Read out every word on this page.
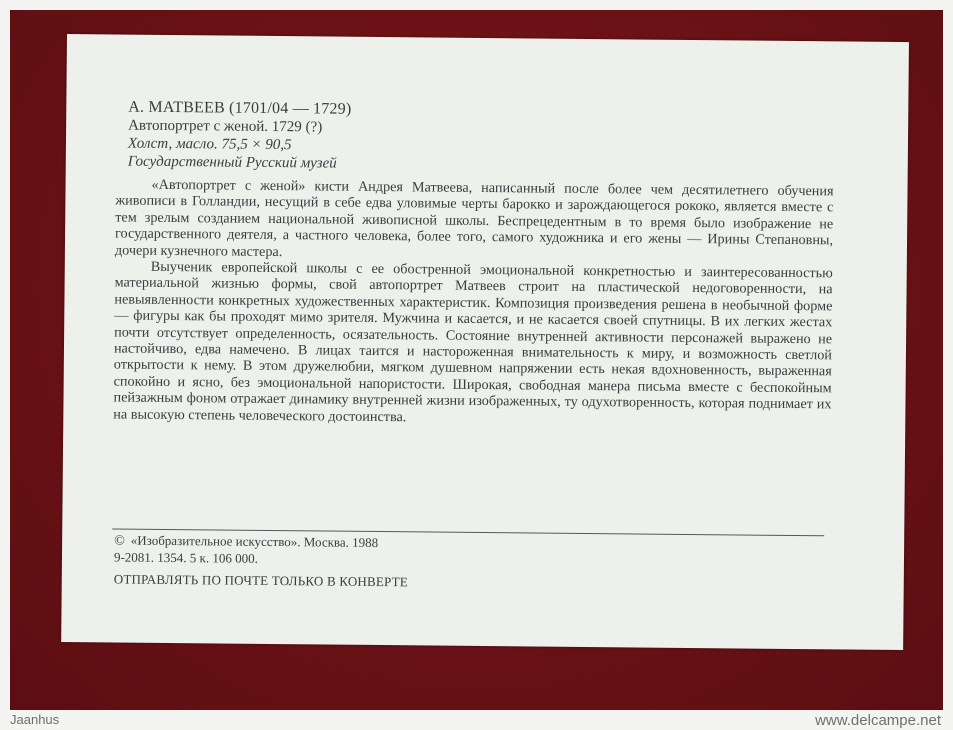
А. МАТВЕЕВ (1701/04 — 1729)
Автопортрет с женой. 1729 (?)
Холст, масло. 75,5 × 90,5
Государственный Русский музей

«Автопортрет с женой» кисти Андрея Матвеева, написанный после более чем десятилетнего обучения живописи в Голландии, несущий в себе едва уловимые черты барокко и зарождающегося рококо, является вместе с тем зрелым созданием национальной живописной школы. Беспрецедентным в то время было изображение не государственного деятеля, а частного человека, более того, самого художника и его жены — Ирины Степановны, дочери кузнечного мастера.

Выученик европейской школы с ее обостренной эмоциональной конкретностью и заинтересованностью материальной жизнью формы, свой автопортрет Матвеев строит на пластической недоговоренности, на невыявленности конкретных художественных характеристик. Композиция произведения решена в необычной форме — фигуры как бы проходят мимо зрителя. Мужчина и касается, и не касается своей спутницы. В их легких жестах почти отсутствует определенность, осязательность. Состояние внутренней активности персонажей выражено не настойчиво, едва намечено. В лицах таится и настороженная внимательность к миру, и возможность светлой открытости к нему. В этом дружелюбии, мягком душевном напряжении есть некая вдохновенность, выраженная спокойно и ясно, без эмоциональной напористости. Широкая, свободная манера письма вместе с беспокойным пейзажным фоном отражает динамику внутренней жизни изображенных, ту одухотворенность, которая поднимает их на высокую степень человеческого достоинства.

© «Изобразительное искусство». Москва. 1988
9-2081. 1354. 5 к. 106 000.
ОТПРАВЛЯТЬ ПО ПОЧТЕ ТОЛЬКО В КОНВЕРТЕ
Jaanhus	www.delcampe.net
